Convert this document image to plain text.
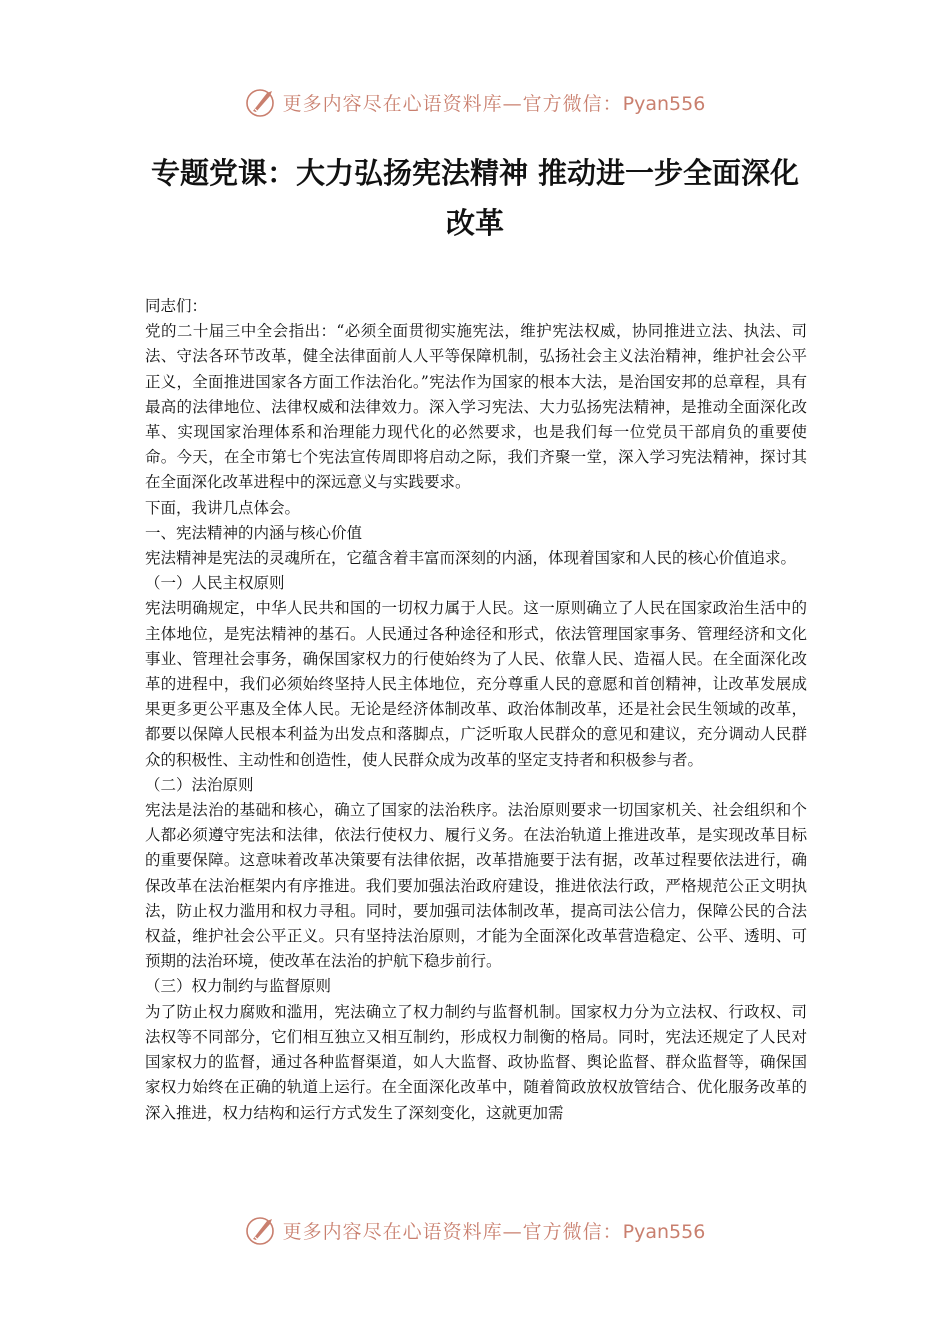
更多内容尽在心语资料库—官方微信：Pyan556
专题党课：大力弘扬宪法精神 推动进一步全面深化改革

同志们：

党的二十届三中全会指出：“必须全面贯彻实施宪法，维护宪法权威，协同推进立法、执法、司法、守法各环节改革，健全法律面前人人平等保障机制，弘扬社会主义法治精神，维护社会公平正义，全面推进国家各方面工作法治化。”宪法作为国家的根本大法，是治国安邦的总章程，具有最高的法律地位、法律权威和法律效力。深入学习宪法、大力弘扬宪法精神，是推动全面深化改革、实现国家治理体系和治理能力现代化的必然要求，也是我们每一位党员干部肩负的重要使命。今天，在全市第七个宪法宣传周即将启动之际，我们齐聚一堂，深入学习宪法精神，探讨其在全面深化改革进程中的深远意义与实践要求。

下面，我讲几点体会。

一、宪法精神的内涵与核心价值

宪法精神是宪法的灵魂所在，它蕴含着丰富而深刻的内涵，体现着国家和人民的核心价值追求。

（一）人民主权原则

宪法明确规定，中华人民共和国的一切权力属于人民。这一原则确立了人民在国家政治生活中的主体地位，是宪法精神的基石。人民通过各种途径和形式，依法管理国家事务、管理经济和文化事业、管理社会事务，确保国家权力的行使始终为了人民、依靠人民、造福人民。在全面深化改革的进程中，我们必须始终坚持人民主体地位，充分尊重人民的意愿和首创精神，让改革发展成果更多更公平惠及全体人民。无论是经济体制改革、政治体制改革，还是社会民生领域的改革，都要以保障人民根本利益为出发点和落脚点，广泛听取人民群众的意见和建议，充分调动人民群众的积极性、主动性和创造性，使人民群众成为改革的坚定支持者和积极参与者。

（二）法治原则

宪法是法治的基础和核心，确立了国家的法治秩序。法治原则要求一切国家机关、社会组织和个人都必须遵守宪法和法律，依法行使权力、履行义务。在法治轨道上推进改革，是实现改革目标的重要保障。这意味着改革决策要有法律依据，改革措施要于法有据，改革过程要依法进行，确保改革在法治框架内有序推进。我们要加强法治政府建设，推进依法行政，严格规范公正文明执法，防止权力滥用和权力寻租。同时，要加强司法体制改革，提高司法公信力，保障公民的合法权益，维护社会公平正义。只有坚持法治原则，才能为全面深化改革营造稳定、公平、透明、可预期的法治环境，使改革在法治的护航下稳步前行。

（三）权力制约与监督原则

为了防止权力腐败和滥用，宪法确立了权力制约与监督机制。国家权力分为立法权、行政权、司法权等不同部分，它们相互独立又相互制约，形成权力制衡的格局。同时，宪法还规定了人民对国家权力的监督，通过各种监督渠道，如人大监督、政协监督、舆论监督、群众监督等，确保国家权力始终在正确的轨道上运行。在全面深化改革中，随着简政放权放管结合、优化服务改革的深入推进，权力结构和运行方式发生了深刻变化，这就更加需

更多内容尽在心语资料库—官方微信：Pyan556
